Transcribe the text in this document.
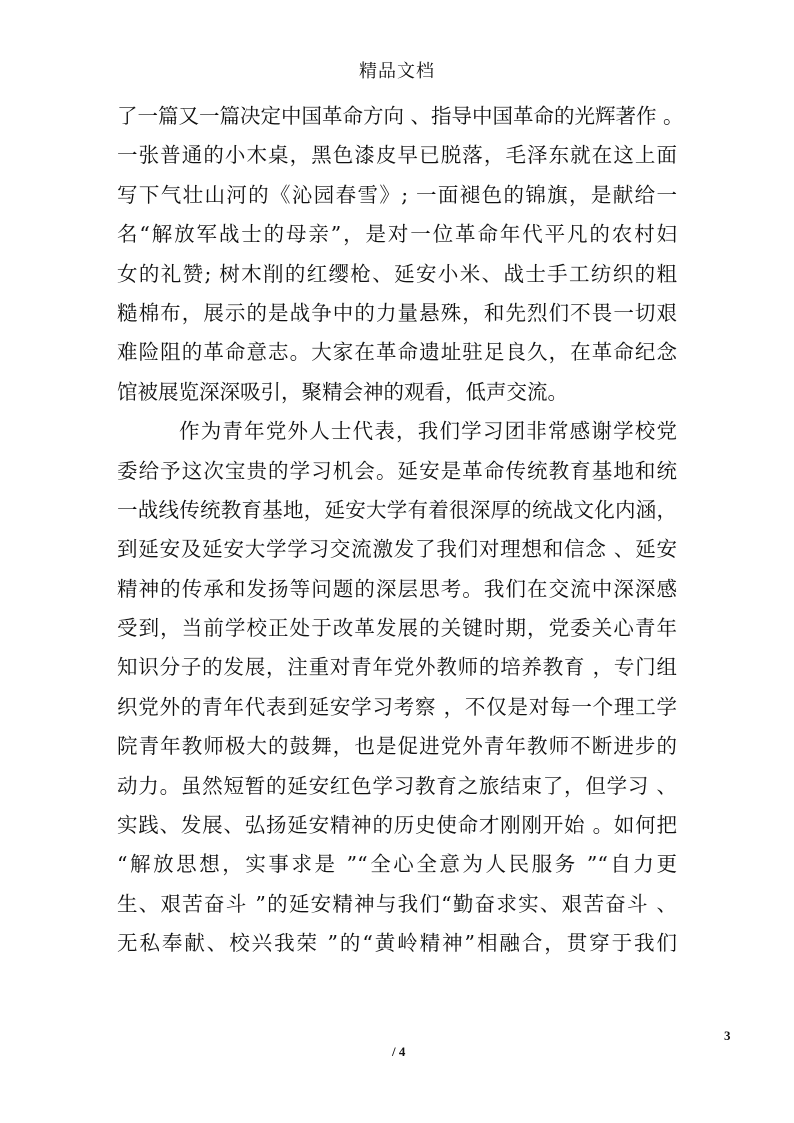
精品文档
了一篇又一篇决定中国革命方向 、指导中国革命的光辉著作 。
一张普通的小木桌，黑色漆皮早已脱落，毛泽东就在这上面
写下气壮山河的《沁园春雪》; 一面褪色的锦旗，是献给一
名“解放军战士的母亲”，是对一位革命年代平凡的农村妇
女的礼赞; 树木削的红缨枪、延安小米、战士手工纺织的粗
糙棉布，展示的是战争中的力量悬殊，和先烈们不畏一切艰
难险阻的革命意志。大家在革命遗址驻足良久，在革命纪念
馆被展览深深吸引，聚精会神的观看，低声交流。
作为青年党外人士代表，我们学习团非常感谢学校党
委给予这次宝贵的学习机会。延安是革命传统教育基地和统
一战线传统教育基地，延安大学有着很深厚的统战文化内涵，
到延安及延安大学学习交流激发了我们对理想和信念 、延安
精神的传承和发扬等问题的深层思考。我们在交流中深深感
受到，当前学校正处于改革发展的关键时期，党委关心青年
知识分子的发展，注重对青年党外教师的培养教育 ，专门组
织党外的青年代表到延安学习考察 ，不仅是对每一个理工学
院青年教师极大的鼓舞，也是促进党外青年教师不断进步的
动力。虽然短暂的延安红色学习教育之旅结束了，但学习 、
实践、发展、弘扬延安精神的历史使命才刚刚开始 。如何把
“解放思想，实事求是 ”“全心全意为人民服务 ”“自力更
生、艰苦奋斗 ”的延安精神与我们“勤奋求实、艰苦奋斗 、
无私奉献、校兴我荣 ”的“黄岭精神”相融合，贯穿于我们
3
/ 4
